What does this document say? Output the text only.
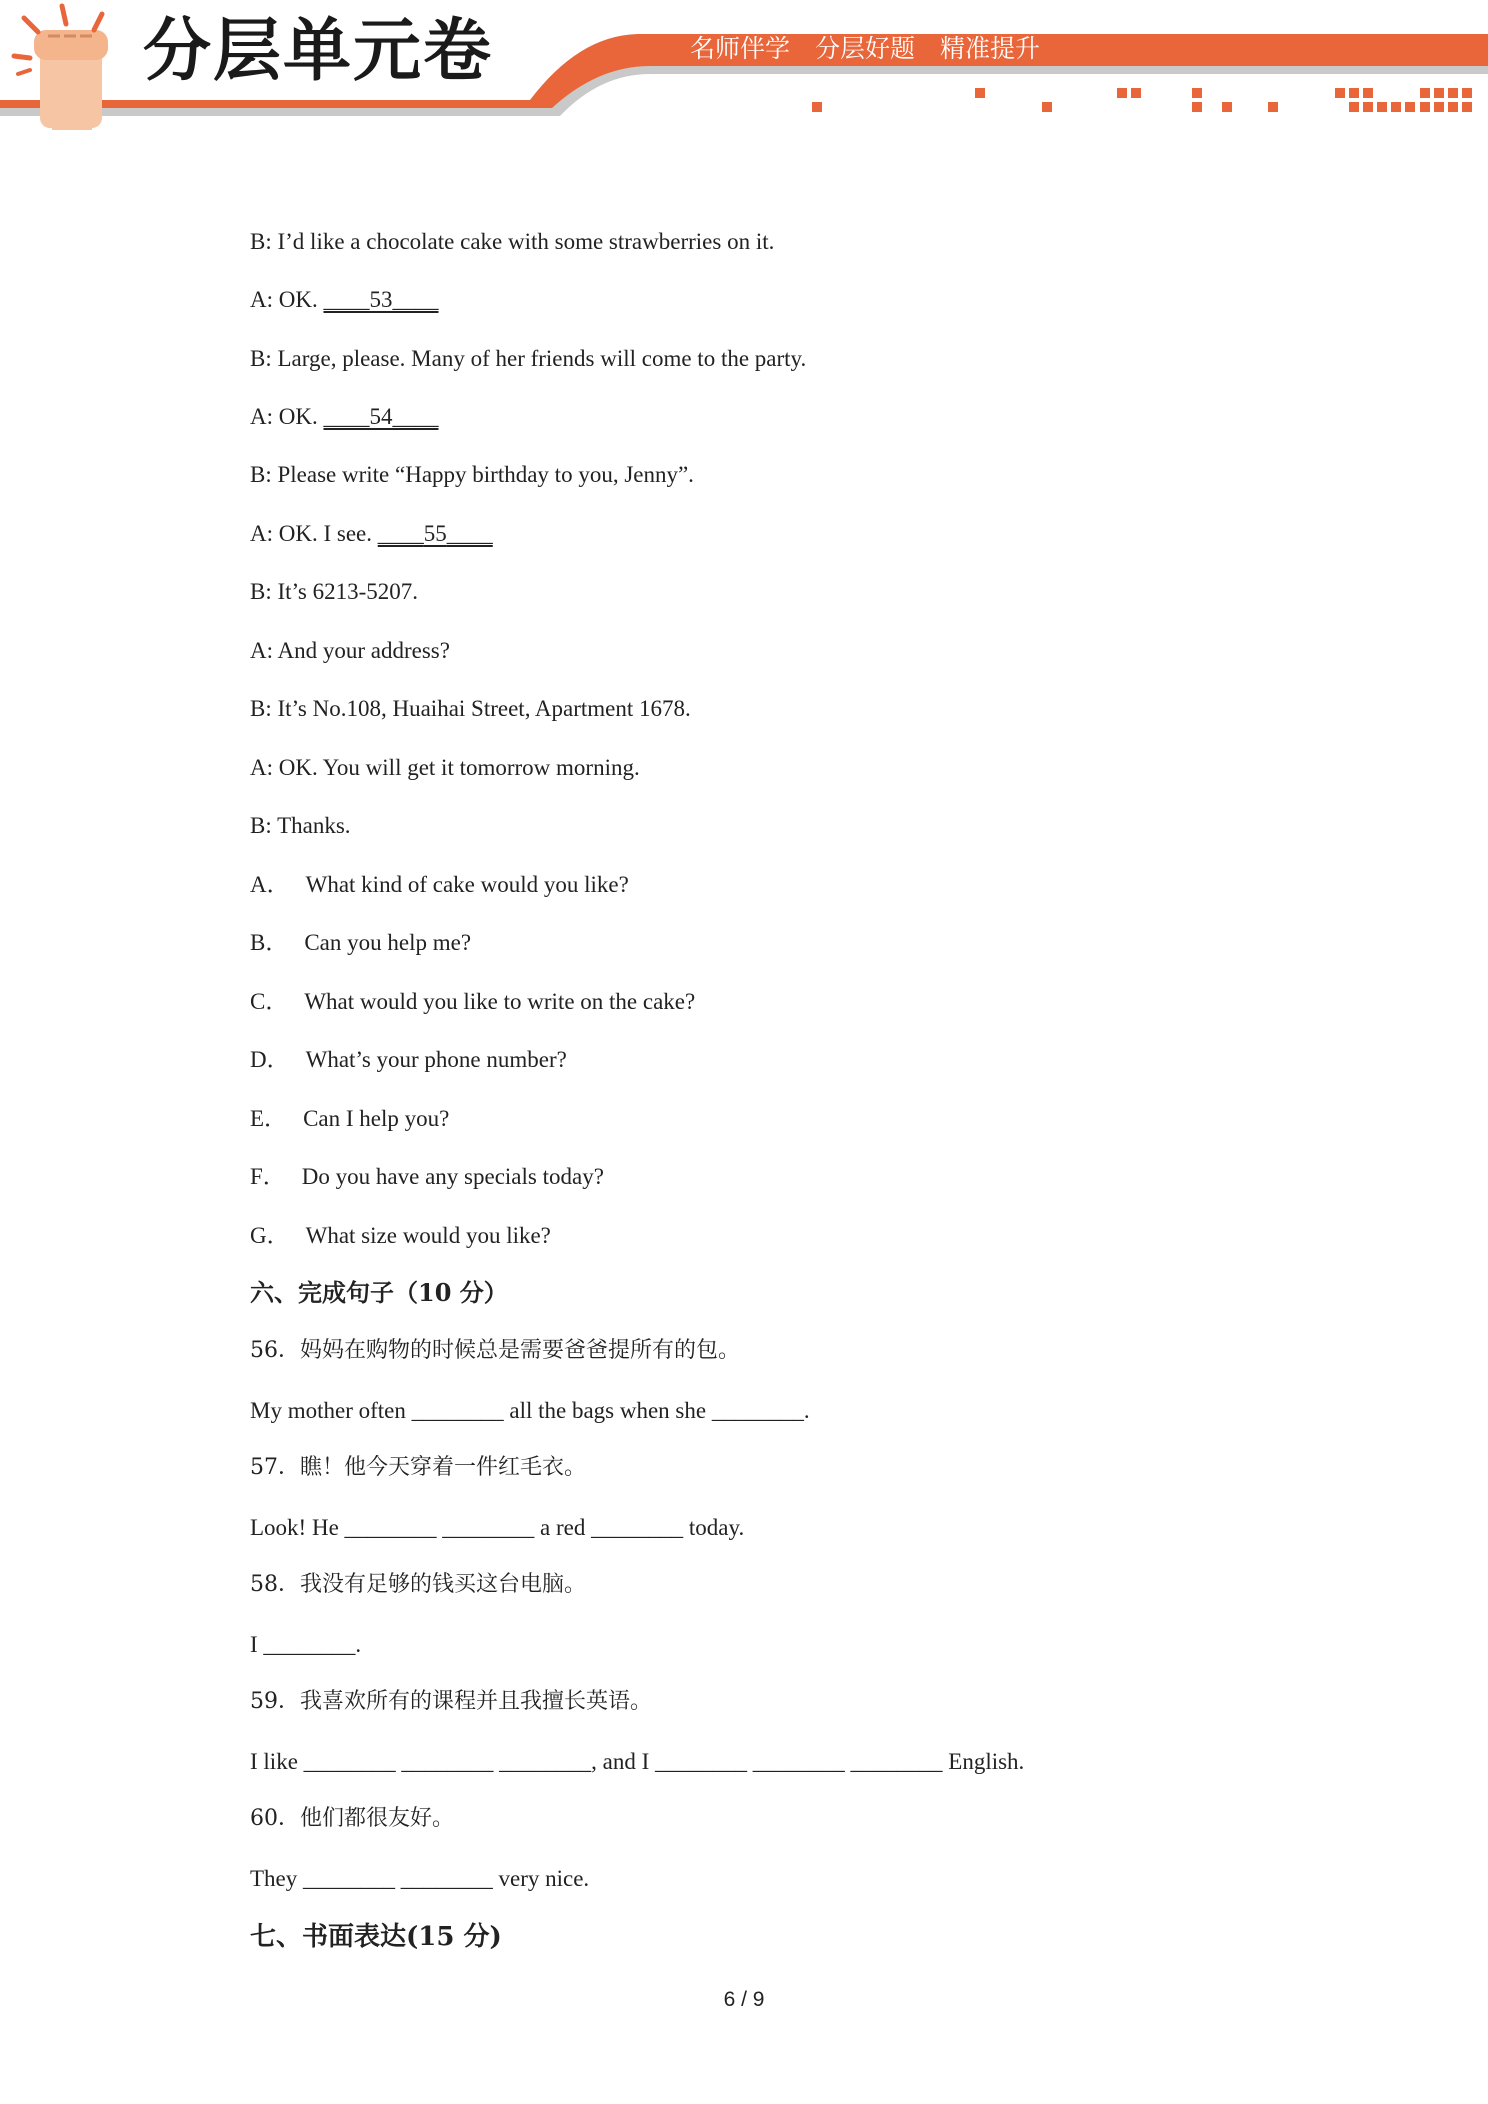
分层单元卷	名师伴学 分层好题 精准提升
B: I’d like a chocolate cake with some strawberries on it.
A: OK. ____53____
B: Large, please. Many of her friends will come to the party.
A: OK. ____54____
B: Please write “Happy birthday to you, Jenny”.
A: OK. I see. ____55____
B: It’s 6213-5207.
A: And your address?
B: It’s No.108, Huaihai Street, Apartment 1678.
A: OK. You will get it tomorrow morning.
B: Thanks.
A． What kind of cake would you like?
B． Can you help me?
C． What would you like to write on the cake?
D． What’s your phone number?
E． Can I help you?
F． Do you have any specials today?
G． What size would you like?
六、完成句子（10 分）
56．妈妈在购物的时候总是需要爸爸提所有的包。
My mother often ________ all the bags when she ________.
57．瞧！他今天穿着一件红毛衣。
Look! He ________ ________ a red ________ today.
58．我没有足够的钱买这台电脑。
I ________.
59．我喜欢所有的课程并且我擅长英语。
I like ________ ________ ________, and I ________ ________ ________ English.
60．他们都很友好。
They ________ ________ very nice.
七、书面表达(15 分)
6 / 9
